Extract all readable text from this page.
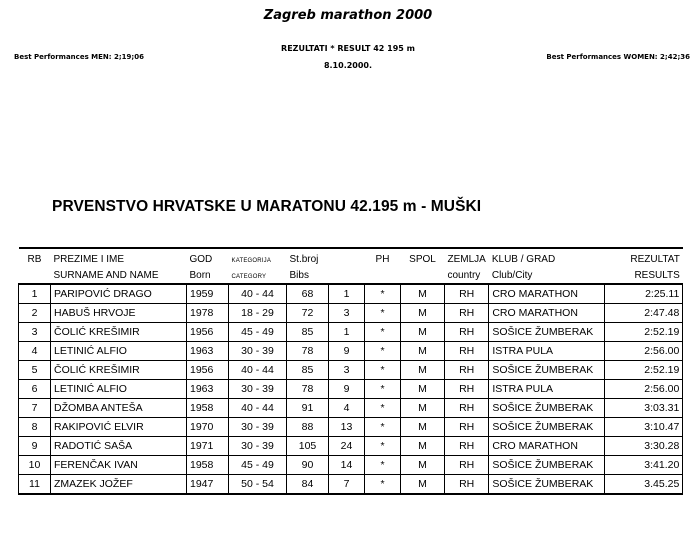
Zagreb marathon 2000
REZULTATI * RESULT 42 195 m
8.10.2000.
Best Performances MEN: 2;19;06	Best Performances WOMEN: 2;42;36
PRVENSTVO HRVATSKE U MARATONU 42.195 m - MUŠKI
RB	PREZIME I IME	GOD	KATEGORIJA	St.broj		PH	SPOL	ZEMLJA	KLUB / GRAD	REZULTAT
	SURNAME AND NAME	Born	CATEGORY	Bibs				country	Club/City	RESULTS
1	PARIPOVIĆ DRAGO	1959	40 - 44	68	1	*	M	RH	CRO MARATHON	2:25.11
2	HABUŠ HRVOJE	1978	18 - 29	72	3	*	M	RH	CRO MARATHON	2:47.48
3	ČOLIĆ KREŠIMIR	1956	45 - 49	85	1	*	M	RH	SOŠICE ŽUMBERAK	2:52.19
4	LETINIĆ ALFIO	1963	30 - 39	78	9	*	M	RH	ISTRA PULA	2:56.00
5	ČOLIĆ KREŠIMIR	1956	40 - 44	85	3	*	M	RH	SOŠICE ŽUMBERAK	2:52.19
6	LETINIĆ ALFIO	1963	30 - 39	78	9	*	M	RH	ISTRA PULA	2:56.00
7	DŽOMBA ANTEŠA	1958	40 - 44	91	4	*	M	RH	SOŠICE ŽUMBERAK	3:03.31
8	RAKIPOVIĆ ELVIR	1970	30 - 39	88	13	*	M	RH	SOŠICE ŽUMBERAK	3:10.47
9	RADOTIĆ SAŠA	1971	30 - 39	105	24	*	M	RH	CRO MARATHON	3:30.28
10	FERENČAK IVAN	1958	45 - 49	90	14	*	M	RH	SOŠICE ŽUMBERAK	3:41.20
11	ZMAZEK JOŽEF	1947	50 - 54	84	7	*	M	RH	SOŠICE ŽUMBERAK	3.45.25
